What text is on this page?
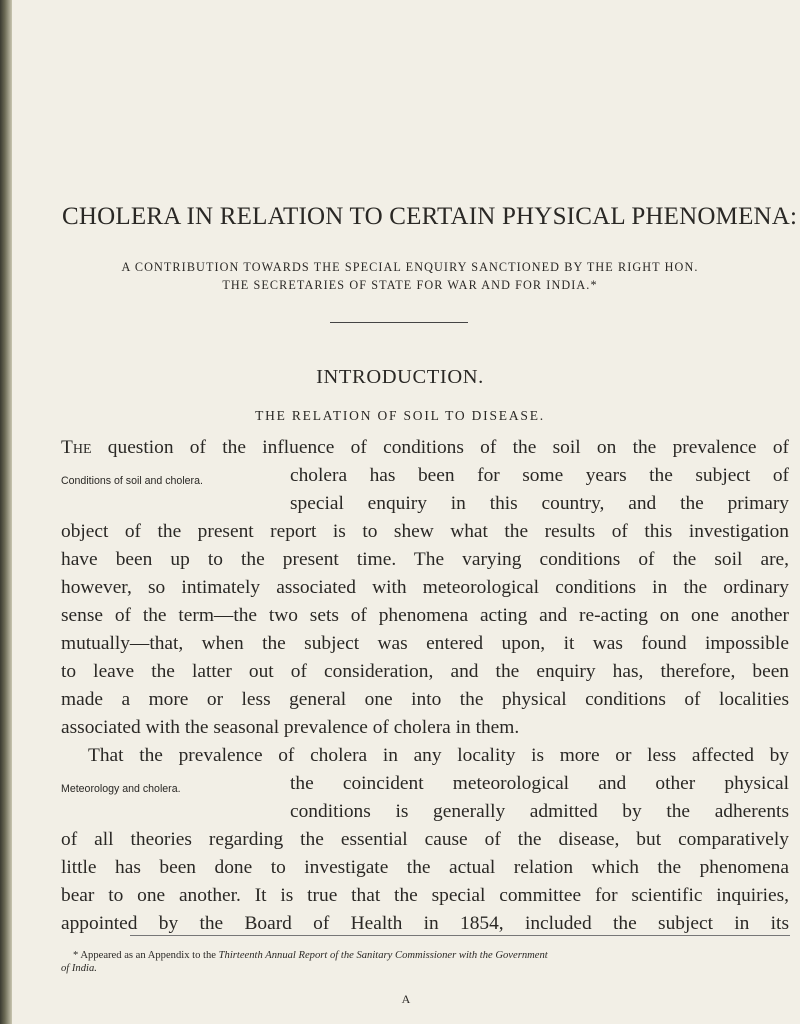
CHOLERA IN RELATION TO CERTAIN PHYSICAL PHENOMENA:
A CONTRIBUTION TOWARDS THE SPECIAL ENQUIRY SANCTIONED BY THE RIGHT HON.
THE SECRETARIES OF STATE FOR WAR AND FOR INDIA.*
INTRODUCTION.
THE RELATION OF SOIL TO DISEASE.
The question of the influence of conditions of the soil on the prevalence of
Conditions of soil and cholera.	cholera has been for some years the subject of
special enquiry in this country, and the primary
object of the present report is to shew what the results of this investigation
have been up to the present time. The varying conditions of the soil are,
however, so intimately associated with meteorological conditions in the ordinary
sense of the term—the two sets of phenomena acting and re-acting on one another
mutually—that, when the subject was entered upon, it was found impossible
to leave the latter out of consideration, and the enquiry has, therefore, been
made a more or less general one into the physical conditions of localities
associated with the seasonal prevalence of cholera in them.
That the prevalence of cholera in any locality is more or less affected by
Meteorology and cholera.	the coincident meteorological and other physical
conditions is generally admitted by the adherents
of all theories regarding the essential cause of the disease, but comparatively
little has been done to investigate the actual relation which the phenomena
bear to one another. It is true that the special committee for scientific inquiries,
appointed by the Board of Health in 1854, included the subject in its
* Appeared as an Appendix to the Thirteenth Annual Report of the Sanitary Commissioner with the Government
of India.
A
